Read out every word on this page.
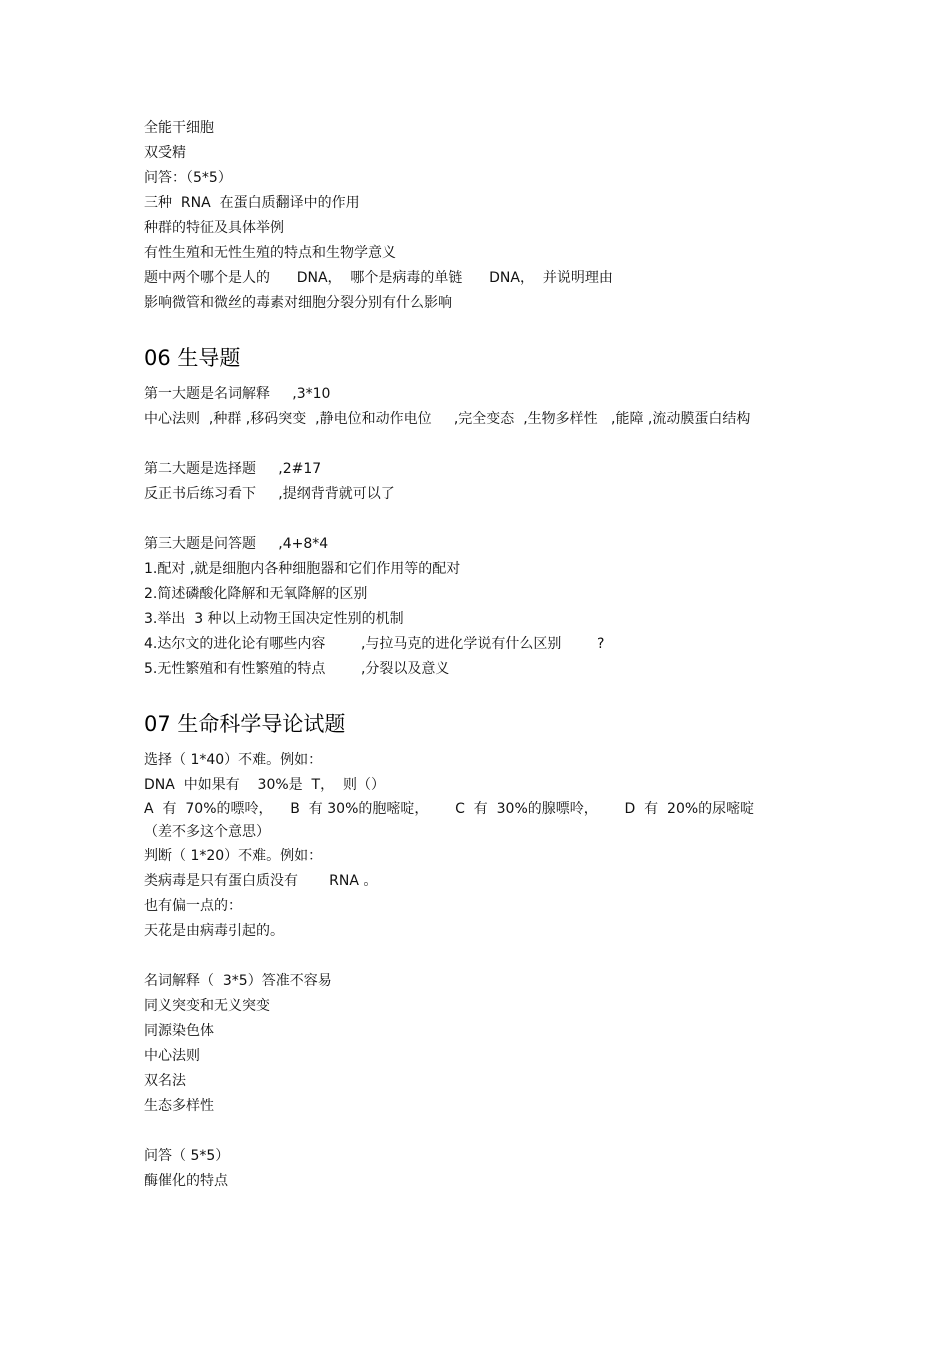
全能干细胞
双受精
问答：（5*5）
三种  RNA  在蛋白质翻译中的作用
种群的特征及具体举例
有性生殖和无性生殖的特点和生物学意义
题中两个哪个是人的      DNA，  哪个是病毒的单链      DNA，  并说明理由
影响微管和微丝的毒素对细胞分裂分别有什么影响
06 生导题
第一大题是名词解释     ,3*10
中心法则  ,种群 ,移码突变  ,静电位和动作电位     ,完全变态  ,生物多样性   ,能障 ,流动膜蛋白结构
第二大题是选择题     ,2#17
反正书后练习看下     ,提纲背背就可以了
第三大题是问答题     ,4+8*4
1.配对 ,就是细胞内各种细胞器和它们作用等的配对
2.简述磷酸化降解和无氧降解的区别
3.举出  3 种以上动物王国决定性别的机制
4.达尔文的进化论有哪些内容        ,与拉马克的进化学说有什么区别        ?
5.无性繁殖和有性繁殖的特点        ,分裂以及意义
07 生命科学导论试题
选择（ 1*40）不难。例如：
DNA  中如果有    30%是  T，  则（）
A  有  70%的嘌呤，    B  有 30%的胞嘧啶，      C  有  30%的腺嘌呤，      D  有  20%的尿嘧啶       （差不多这个意思）
判断（ 1*20）不难。例如：
类病毒是只有蛋白质没有       RNA 。
也有偏一点的：
天花是由病毒引起的。
名词解释（  3*5）答准不容易
同义突变和无义突变
同源染色体
中心法则
双名法
生态多样性
问答（ 5*5）
酶催化的特点
